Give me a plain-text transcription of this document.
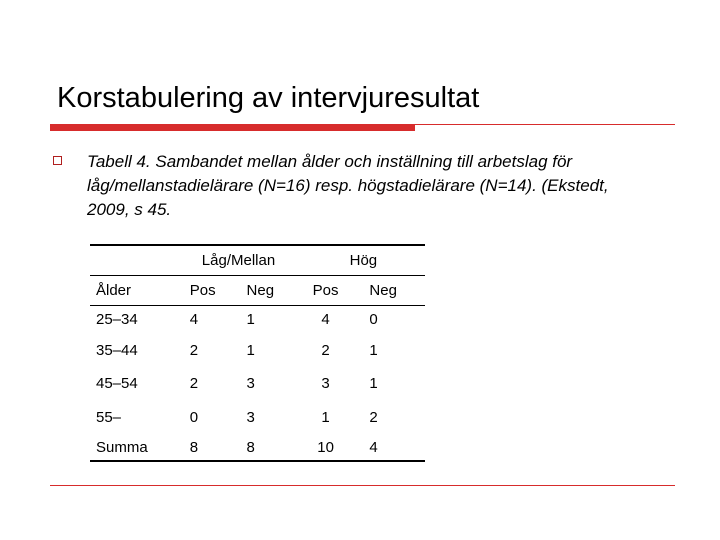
Korstabulering av intervjuresultat

Tabell 4. Sambandet mellan ålder och inställning till arbetslag för låg/mellanstadielärare (N=16) resp. högstadielärare (N=14). (Ekstedt, 2009, s 45.

	Låg/Mellan		Hög	
Ålder	Pos	Neg	Pos	Neg
25–34	4	1	4	0
35–44	2	1	2	1
45–54	2	3	3	1
55–	0	3	1	2
Summa	8	8	10	4
